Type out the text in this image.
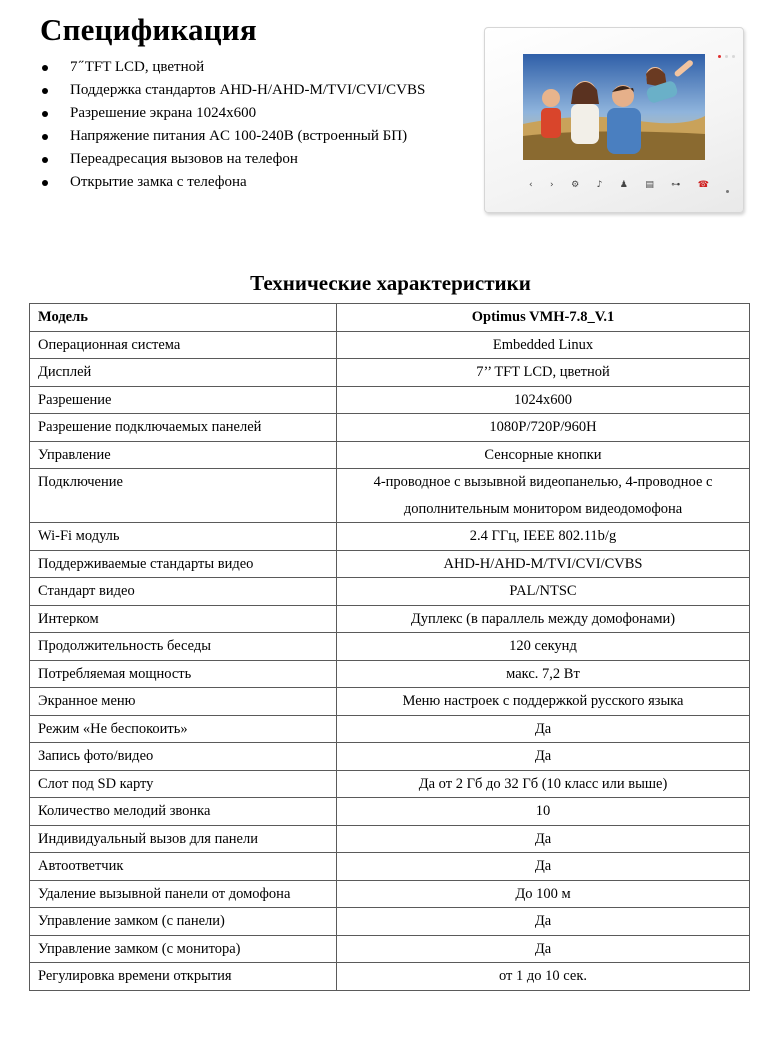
Спецификация
7 ̋ TFT LCD, цветной
Поддержка стандартов AHD-H/AHD-M/TVI/CVI/CVBS
Разрешение экрана 1024x600
Напряжение питания AC 100-240В (встроенный БП)
Переадресация вызовов на телефон
Открытие замка с телефона	‹ › ⚙ ♪ ♟ ▤ ⊶ ☎
Технические характеристики
Модель	Optimus VMH-7.8_V.1
Операционная система	Embedded Linux
Дисплей	7’’ TFT LCD, цветной
Разрешение	1024x600
Разрешение подключаемых панелей	1080P/720P/960H
Управление	Сенсорные кнопки
Подключение	4-проводное с вызывной видеопанелью, 4-проводное с дополнительным монитором видеодомофона
Wi-Fi модуль	2.4 ГГц, IEEE 802.11b/g
Поддерживаемые стандарты видео	AHD-H/AHD-M/TVI/CVI/CVBS
Стандарт видео	PAL/NTSC
Интерком	Дуплекс (в параллель между домофонами)
Продолжительность беседы	120 секунд
Потребляемая мощность	макс. 7,2 Вт
Экранное меню	Меню настроек с поддержкой русского языка
Режим «Не беспокоить»	Да
Запись фото/видео	Да
Слот под SD карту	Да от 2 Гб до 32 Гб (10 класс или выше)
Количество мелодий звонка	10
Индивидуальный вызов для панели	Да
Автоответчик	Да
Удаление вызывной панели от домофона	До 100 м
Управление замком (с панели)	Да
Управление замком (с монитора)	Да
Регулировка времени открытия	от 1 до 10 сек.
